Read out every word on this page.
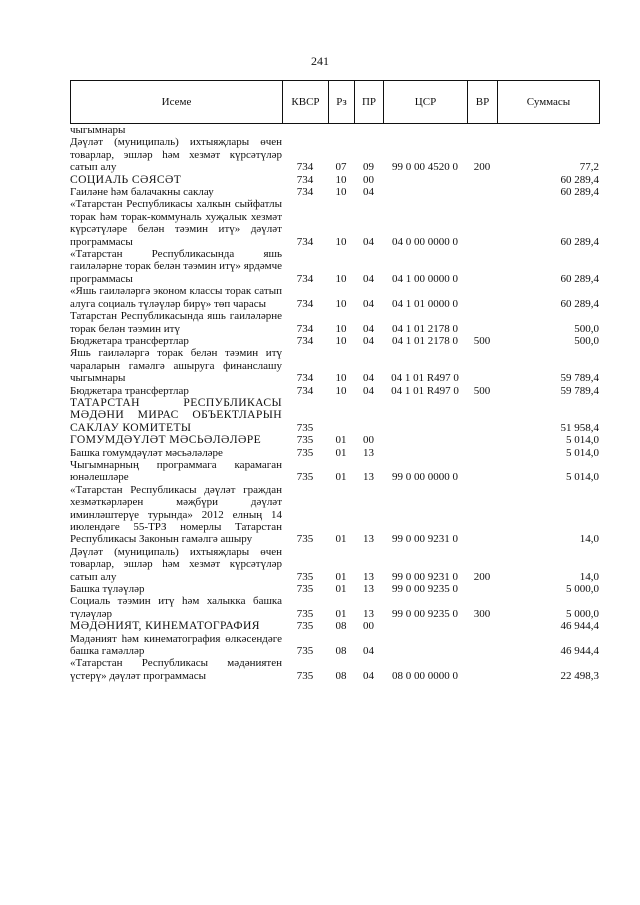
241
Исеме	КВСР	Рз	ПР	ЦСР	ВР	Суммасы
чыгымнары						
Дәүләт (муниципаль) ихтыяҗлары өчен товарлар, эшләр һәм хезмәт күрсәтүләр сатып алу	734	07	09	99 0 00 4520 0	200	77,2
СОЦИАЛЬ СӘЯСӘТ	734	10	00			60 289,4
Гаиләне һәм балачакны саклау	734	10	04			60 289,4
«Татарстан Республикасы халкын сыйфатлы торак һәм торак-коммуналь хуҗалык хезмәт күрсәтүләре белән тәэмин итү» дәүләт программасы	734	10	04	04 0 00 0000 0		60 289,4
«Татарстан Республикасында яшь гаиләләрне торак белән тәэмин итү» ярдәмче программасы	734	10	04	04 1 00 0000 0		60 289,4
«Яшь гаиләләргә эконом классы торак сатып алуга социаль түләүләр бирү» төп чарасы	734	10	04	04 1 01 0000 0		60 289,4
Татарстан Республикасында яшь гаиләләрне торак белән тәэмин итү	734	10	04	04 1 01 2178 0		500,0
Бюджетара трансфертлар	734	10	04	04 1 01 2178 0	500	500,0
Яшь гаиләләргә торак белән тәэмин итү чараларын гамәлгә ашыруга финанслашу чыгымнары	734	10	04	04 1 01 R497 0		59 789,4
Бюджетара трансфертлар	734	10	04	04 1 01 R497 0	500	59 789,4
ТАТАРСТАН РЕСПУБЛИКАСЫ МӘДӘНИ МИРАС ОБЪЕКТЛАРЫН САКЛАУ КОМИТЕТЫ	735					51 958,4
ГОМУМДӘҮЛӘТ МӘСЬӘЛӘЛӘРЕ	735	01	00			5 014,0
Башка гомумдәүләт мәсьәләләре	735	01	13			5 014,0
Чыгымнарның программага карамаган юнәлешләре	735	01	13	99 0 00 0000 0		5 014,0
«Татарстан Республикасы дәүләт граждан хезмәткәрләрен мәҗбүри дәүләт иминләштерүе турында» 2012 елның 14 июлендәге 55-ТРЗ номерлы Татарстан Республикасы Законын гамәлгә ашыру	735	01	13	99 0 00 9231 0		14,0
Дәүләт (муниципаль) ихтыяҗлары өчен товарлар, эшләр һәм хезмәт күрсәтүләр сатып алу	735	01	13	99 0 00 9231 0	200	14,0
Башка түләүләр	735	01	13	99 0 00 9235 0		5 000,0
Социаль тәэмин итү һәм халыкка башка түләүләр	735	01	13	99 0 00 9235 0	300	5 000,0
МӘДӘНИЯТ, КИНЕМАТОГРАФИЯ	735	08	00			46 944,4
Мәдәният һәм кинематография өлкәсендәге башка гамәлләр	735	08	04			46 944,4
«Татарстан Республикасы мәдәниятен үстерү» дәүләт программасы	735	08	04	08 0 00 0000 0		22 498,3
